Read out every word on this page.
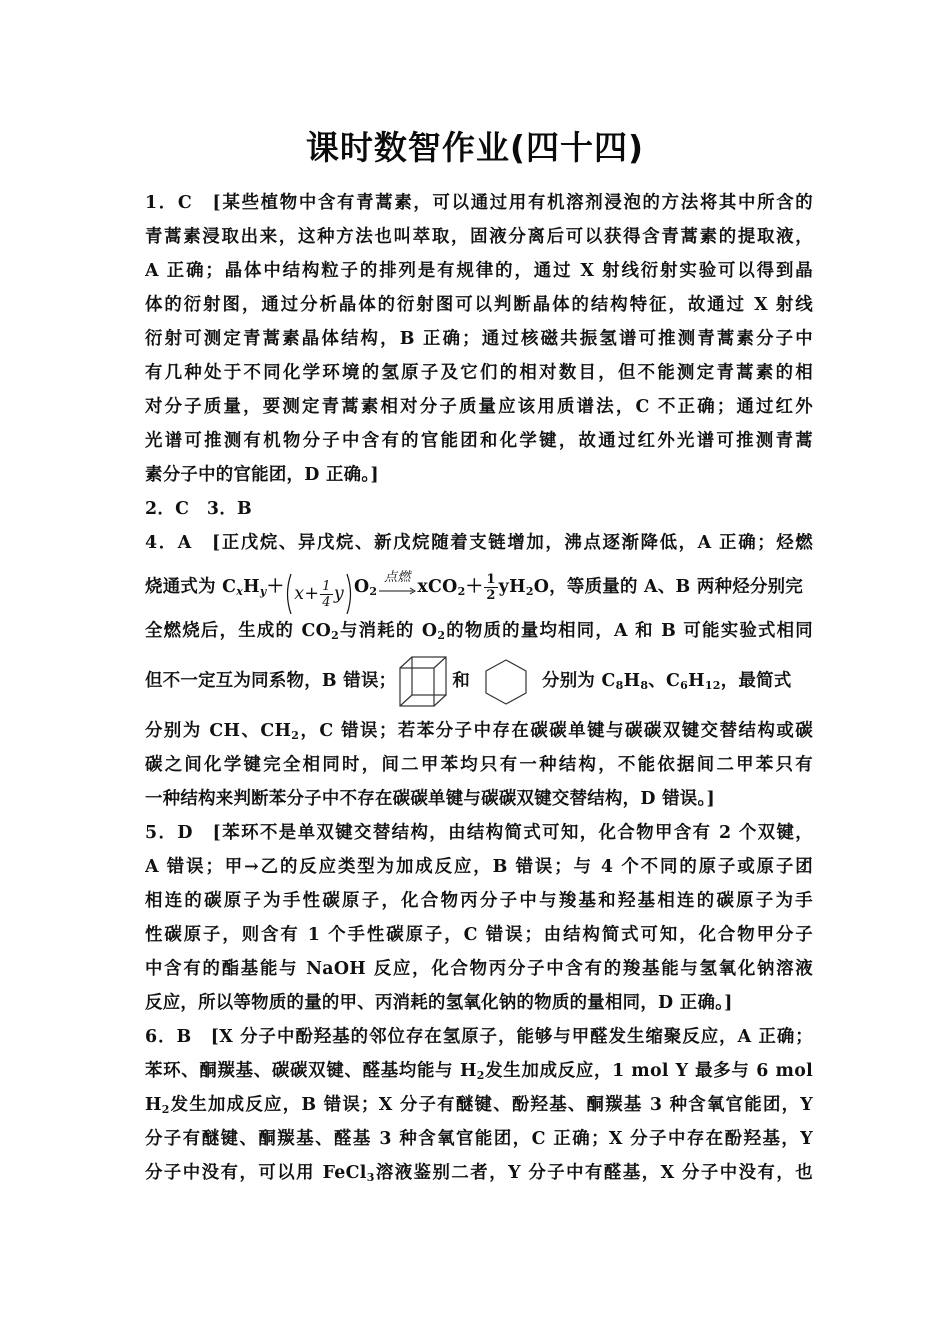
课时数智作业(四十四)
1．C　[某些植物中含有青蒿素，可以通过用有机溶剂浸泡的方法将其中所含的
青蒿素浸取出来，这种方法也叫萃取，固液分离后可以获得含青蒿素的提取液，
A 正确；晶体中结构粒子的排列是有规律的，通过 X 射线衍射实验可以得到晶
体的衍射图，通过分析晶体的衍射图可以判断晶体的结构特征，故通过 X 射线
衍射可测定青蒿素晶体结构，B 正确；通过核磁共振氢谱可推测青蒿素分子中
有几种处于不同化学环境的氢原子及它们的相对数目，但不能测定青蒿素的相
对分子质量，要测定青蒿素相对分子质量应该用质谱法，C 不正确；通过红外
光谱可推测有机物分子中含有的官能团和化学键，故通过红外光谱可推测青蒿
素分子中的官能团，D 正确。]
2．C　3．B
4．A　[正戊烷、异戊烷、新戊烷随着支链增加，沸点逐渐降低，A 正确；烃燃
烧通式为 $C_xH_y+ x+ \frac{1}{4}$ y $O_2$
点燃 $xCO_2+ \frac{1}{2} yH_2O$，等质量的 A、B 两种烃分别完
全燃烧后，生成的 $CO_2$与消耗的 $O_2$的物质的量均相同，A 和 B 可能实验式相同
但不一定互为同系物，B 错误；	和	分别为 $C_8H_8$、$C_6H_{12}$，最简式
分别为 CH、$CH_2$，C 错误；若苯分子中存在碳碳单键与碳碳双键交替结构或碳
碳之间化学键完全相同时，间二甲苯均只有一种结构，不能依据间二甲苯只有
一种结构来判断苯分子中不存在碳碳单键与碳碳双键交替结构，D 错误。]
5．D　[苯环不是单双键交替结构，由结构简式可知，化合物甲含有 2 个双键，
A 错误；甲→乙的反应类型为加成反应，B 错误；与 4 个不同的原子或原子团
相连的碳原子为手性碳原子，化合物丙分子中与羧基和羟基相连的碳原子为手
性碳原子，则含有 1 个手性碳原子，C 错误；由结构简式可知，化合物甲分子
中含有的酯基能与 NaOH 反应，化合物丙分子中含有的羧基能与氢氧化钠溶液
反应，所以等物质的量的甲、丙消耗的氢氧化钠的物质的量相同，D 正确。]
6．B　[X 分子中酚羟基的邻位存在氢原子，能够与甲醛发生缩聚反应，A 正确；
苯环、酮羰基、碳碳双键、醛基均能与 $H_2$发生加成反应，1 mol Y 最多与 6 mol
$H_2$发生加成反应，B 错误；X 分子有醚键、酚羟基、酮羰基 3 种含氧官能团，Y
分子有醚键、酮羰基、醛基 3 种含氧官能团，C 正确；X 分子中存在酚羟基，Y
分子中没有，可以用 FeCl$_3$溶液鉴别二者，Y 分子中有醛基，X 分子中没有，也
